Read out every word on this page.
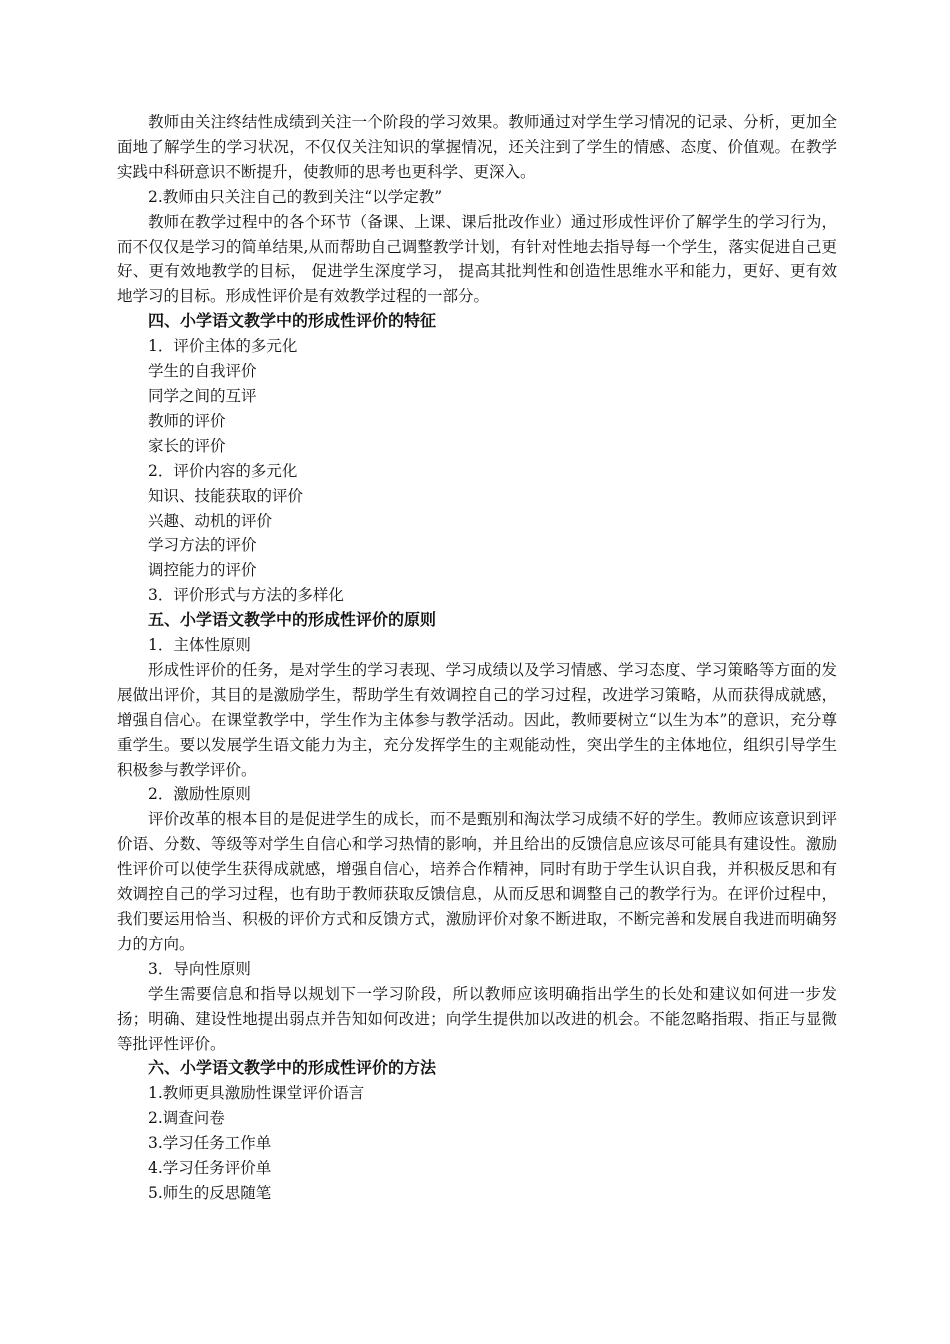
教师由关注终结性成绩到关注一个阶段的学习效果。教师通过对学生学习情况的记录、分析，更加全面地了解学生的学习状况，不仅仅关注知识的掌握情况，还关注到了学生的情感、态度、价值观。在教学实践中科研意识不断提升，使教师的思考也更科学、更深入。

2.教师由只关注自己的教到关注“以学定教”

教师在教学过程中的各个环节（备课、上课、课后批改作业）通过形成性评价了解学生的学习行为，而不仅仅是学习的简单结果,从而帮助自己调整教学计划，有针对性地去指导每一个学生，落实促进自己更好、更有效地教学的目标， 促进学生深度学习， 提高其批判性和创造性思维水平和能力，更好、更有效地学习的目标。形成性评价是有效教学过程的一部分。

四、小学语文教学中的形成性评价的特征

1．评价主体的多元化

学生的自我评价

同学之间的互评

教师的评价

家长的评价

2．评价内容的多元化

知识、技能获取的评价

兴趣、动机的评价

学习方法的评价

调控能力的评价

3．评价形式与方法的多样化

五、小学语文教学中的形成性评价的原则

1．主体性原则

形成性评价的任务，是对学生的学习表现、学习成绩以及学习情感、学习态度、学习策略等方面的发展做出评价，其目的是激励学生，帮助学生有效调控自己的学习过程，改进学习策略，从而获得成就感，增强自信心。在课堂教学中，学生作为主体参与教学活动。因此，教师要树立“以生为本”的意识，充分尊重学生。要以发展学生语文能力为主，充分发挥学生的主观能动性，突出学生的主体地位，组织引导学生积极参与教学评价。

2．激励性原则

评价改革的根本目的是促进学生的成长，而不是甄别和淘汰学习成绩不好的学生。教师应该意识到评价语、分数、等级等对学生自信心和学习热情的影响，并且给出的反馈信息应该尽可能具有建设性。激励性评价可以使学生获得成就感，增强自信心，培养合作精神，同时有助于学生认识自我，并积极反思和有效调控自己的学习过程，也有助于教师获取反馈信息，从而反思和调整自己的教学行为。在评价过程中，我们要运用恰当、积极的评价方式和反馈方式，激励评价对象不断进取，不断完善和发展自我进而明确努力的方向。

3．导向性原则

学生需要信息和指导以规划下一学习阶段，所以教师应该明确指出学生的长处和建议如何进一步发扬；明确、建设性地提出弱点并告知如何改进；向学生提供加以改进的机会。不能忽略指瑕、指正与显微等批评性评价。

六、小学语文教学中的形成性评价的方法

1.教师更具激励性课堂评价语言

2.调查问卷

3.学习任务工作单

4.学习任务评价单

5.师生的反思随笔
